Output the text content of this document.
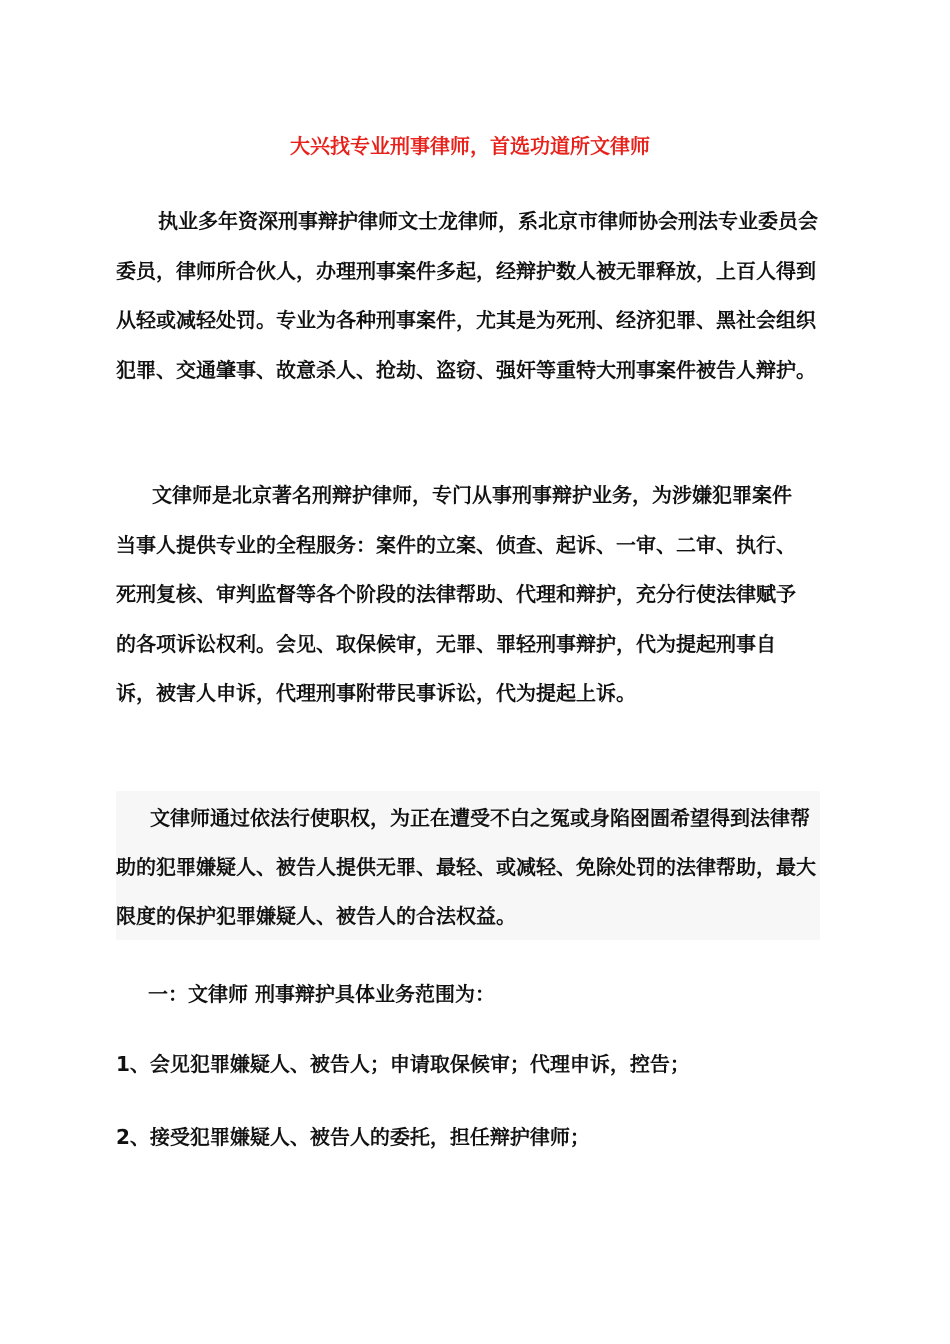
大兴找专业刑事律师，首选功道所文律师

执业多年资深刑事辩护律师文士龙律师，系北京市律师协会刑法专业委员会委员，律师所合伙人，办理刑事案件多起，经辩护数人被无罪释放，上百人得到从轻或减轻处罚。专业为各种刑事案件，尤其是为死刑、经济犯罪、黑社会组织犯罪、交通肇事、故意杀人、抢劫、盗窃、强奸等重特大刑事案件被告人辩护。

文律师是北京著名刑辩护律师，专门从事刑事辩护业务，为涉嫌犯罪案件当事人提供专业的全程服务：案件的立案、侦查、起诉、一审、二审、执行、死刑复核、审判监督等各个阶段的法律帮助、代理和辩护，充分行使法律赋予的各项诉讼权利。会见、取保候审，无罪、罪轻刑事辩护，代为提起刑事自诉，被害人申诉，代理刑事附带民事诉讼，代为提起上诉。

文律师通过依法行使职权，为正在遭受不白之冤或身陷囹圄希望得到法律帮助的犯罪嫌疑人、被告人提供无罪、最轻、或减轻、免除处罚的法律帮助，最大限度的保护犯罪嫌疑人、被告人的合法权益。

一：文律师 刑事辩护具体业务范围为：

1、会见犯罪嫌疑人、被告人；申请取保候审；代理申诉，控告；

2、接受犯罪嫌疑人、被告人的委托，担任辩护律师；
